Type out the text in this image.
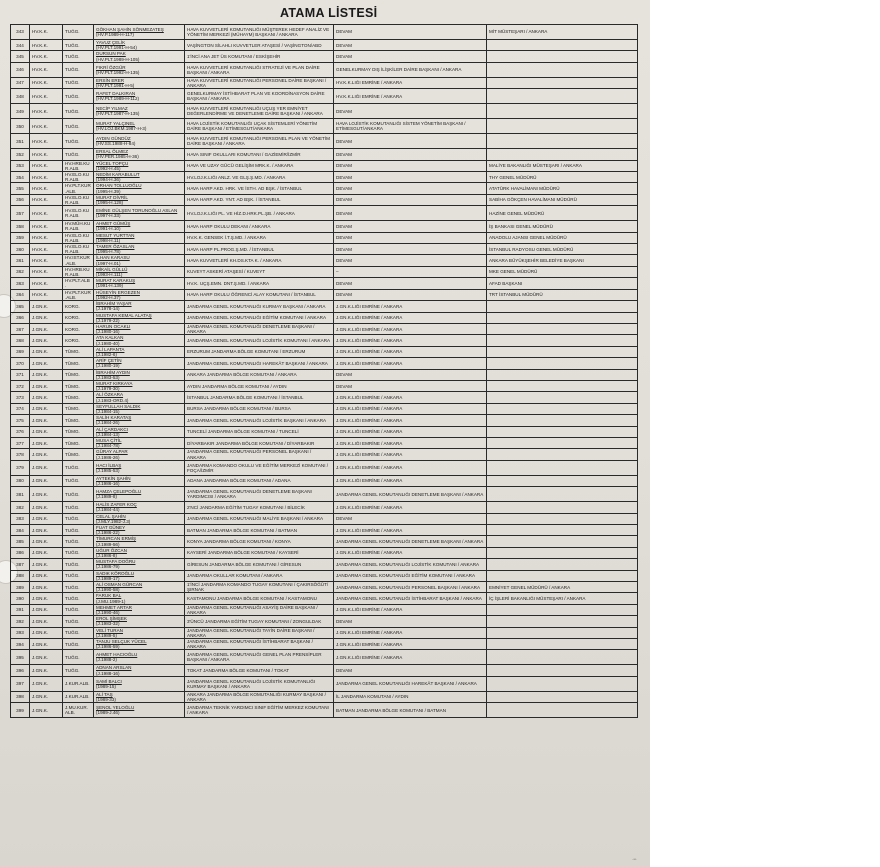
ATAMA LİSTESİ
343	HV.K.K.	TUĞG.	GÖKHAN ŞAHİN SÖNMEZATEŞ
(HV.P.1989-H-117)	HAVA KUVVETLERİ KOMUTANLIĞI MÜŞTEREK HEDEF ANALİZ VE YÖNETİM MERKEZİ (MÜHAYM) BAŞKANI / ANKARA	DEVAM	MİT MÜSTEŞARI / ANKARA
344	HV.K.K.	TUĞG.	YAVUZ ÇELİK
(HV.PLT.1991-H-54)	VAŞİNGTON SİLAHLI KUVVETLER ATAŞESİ / VAŞİNGTON/ABD	DEVAM	
345	HV.K.K.	TUĞG.	DURSUN PAK
(HV.PLT.1989-H-105)	1'İNCİ ANA JET ÜS KOMUTANI / ESKİŞEHİR	DEVAM	
346	HV.K.K.	TUĞG.	FIKRİ ÖZGÜR
(HV.PLT.1992-H-135)	HAVA KUVVETLERİ KOMUTANLIĞI STRATEJİ VE PLAN DAİRE BAŞKANI / ANKARA	GENELKURMAY DIŞ İLİŞKİLER DAİRE BAŞKANI / ANKARA	
347	HV.K.K.	TUĞG.	ERSİN ERER
(HV.PLT.1991-H-5)	HAVA KUVVETLERİ KOMUTANLIĞI PERSONEL DAİRE BAŞKANI / ANKARA	HV.K.K.LIĞI EMRİNE / ANKARA	
348	HV.K.K.	TUĞG.	RAFET DALKIRAN
(HV.PLT.1989-H-112)	GENELKURMAY İSTİHBARAT PLAN VE KOORDİNASYON DAİRE BAŞKANI / ANKARA	HV.K.K.LIĞI EMRİNE / ANKARA	
349	HV.K.K.	TUĞG.	NECİP YILMAZ
(HV.PLT.1987-H-135)	HAVA KUVVETLERİ KOMUTANLIĞI UÇUŞ YER EMNİYET DEĞERLENDİRME VE DENETLEME DAİRE BAŞKANI / ANKARA	DEVAM	
350	HV.K.K.	TUĞG.	MURAT YALÇINEL
(HV.LOJ.BKM.1987-H-3)	HAVA LOJİSTİK KOMUTANLIĞI UÇAK SİSTEMLERİ YÖNETİM DAİRE BAŞKANI / ETİMESGUT/ANKARA	HAVA LOJİSTİK KOMUTANLIĞI SİSTEM YÖNETİM BAŞKANI / ETİMESGUT/ANKARA	
351	HV.K.K.	TUĞG.	AYDIN GÜNDÜZ
(HV.SS.1988-H-84)	HAVA KUVVETLERİ KOMUTANLIĞI PERSONEL PLAN VE YÖNETİM DAİRE BAŞKANI / ANKARA	DEVAM	
352	HV.K.K.	TUĞG.	ERSAL ÖLMEZ
(HV.PER.1985-H-36)	HAVA SINIF OKULLARI KOMUTANI / GAZİEMİR/İZMİR	DEVAM	
353	HV.K.K.	HV.HRB.KUR.ALB.	YÜCEL TOPÇU
(1992-H.45)	HAVA VE UZAY GÜCÜ GELİŞİM MRK.K. / ANKARA	DEVAM	MALİYE BAKANLIĞI MÜSTEŞARI / ANKARA
354	HV.K.K.	HV.ELO.KUR.ALB.	NEDİM KARABULUT
(1994-H.36)	HV.LOJ.K.LIĞI ANLZ. VE GLŞ.Ş.MD. / ANKARA	DEVAM	THY GENEL MÜDÜRÜ
355	HV.K.K.	HV.PLT.KUR.ALB.	ORHAN TOLLUOĞLU
(1995-H.39)	HAVA HARP AKD. HRK. VE İSTH. AD BŞK. / İSTANBUL	DEVAM	ATATÜRK HAVALİMANI MÜDÜRÜ
356	HV.K.K.	HV.ELO.KUR.ALB.	MURAT DİVRİL
(1995-H.128)	HAVA HARP AKD. YNT. AD BŞK. / İSTANBUL	DEVAM	SABİHA GÖKÇEN HAVALİMANI MÜDÜRÜ
357	HV.K.K.	HV.ELO.KUR.ALB.	EMİNE GÜLŞEN TORUNOĞLU ASLAN
(1997-H.33)	HV.LOJ.K.LIĞI PL. VE HİZ.D.HRK.PL.ŞB. / ANKARA	DEVAM	HAZİNE GENEL MÜDÜRÜ
358	HV.K.K.	HV.MÜH.KUR.ALB.	AHMET GÜMÜŞ
(1991-H.10)	HAVA HARP OKULU DEKANI / ANKARA	DEVAM	İŞ BANKASI GENEL MÜDÜRÜ
359	HV.K.K.	HV.ELO.KUR.ALB.	MESUT YURTTAN
(1998-H.11)	HV.K.K. GENSEK İ.T.Ş.MD. / ANKARA	DEVAM	ANADOLU AJANSI GENEL MÜDÜRÜ
360	HV.K.K.	HV.ELO.KUR.ALB.	TAMER ÖZASLAN
(1995-H.78)	HAVA HARP PL.PROG.Ş.MD. / İSTANBUL	DEVAM	İSTANBUL RADYOSU GENEL MÜDÜRÜ
361	HV.K.K.	HV.IST.KUR.ALB.	İLHAN KARASU
(1997-H.01)	HAVA KUVVETLERİ KH.DS.KTA K. / ANKARA	DEVAM	ANKARA BÜYÜKŞEHİR BELEDİYE BAŞKANI
362	HV.K.K.	HV.HRB.KUR.ALB.	MİKAİL GÜLLÜ
(1993-H.111)	KUVEYT ASKERİ ATAŞESİ / KUVEYT	–	MKE GENEL MÜDÜRÜ
363	HV.K.K.	HV.PLT.ALB.	MURAT KARAKUŞ
(1991-H.139)	HV.K. UÇŞ.EMN. DNT.Ş.MD. / ANKARA	DEVAM	AFAD BAŞKANI
364	HV.K.K.	HV.PLT.KUR.ALB.	HÜSEYİN ERGEZEN
(1992-H.37)	HAVA HARP OKULU ÖĞRENCİ ALAY KOMUTANI / İSTANBUL	DEVAM	TRT İSTANBUL MÜDÜRÜ
365	J.GN.K.	KORG.	İBRAHİM YAŞAR
(J.1978-14)	JANDARMA GENEL KOMUTANLIĞI KURMAY BAŞKANI / ANKARA	J.GN.K.LIĞI EMRİNE / ANKARA	
366	J.GN.K.	KORG.	MUSTAFA KEMAL ALATAŞ
(J.1979-22)	JANDARMA GENEL KOMUTANLIĞI EĞİTİM KOMUTANI / ANKARA	J.GN.K.LIĞI EMRİNE / ANKARA	
367	J.GN.K.	KORG.	HARUN OCAKLI
(J.1980-16)	JANDARMA GENEL KOMUTANLIĞI DENETLEME BAŞKANI / ANKARA	J.GN.K.LIĞI EMRİNE / ANKARA	
368	J.GN.K.	KORG.	ATA KALKAN
(J.1980-40)	JANDARMA GENEL KOMUTANLIĞI LOJİSTİK KOMUTANI / ANKARA	J.GN.K.LIĞI EMRİNE / ANKARA	
369	J.GN.K.	TÜMG.	ALİ LAPANTA
(J.1982-6)	ERZURUM JANDARMA BÖLGE KOMUTANI / ERZURUM	J.GN.K.LIĞI EMRİNE / ANKARA	
370	J.GN.K.	TÜMG.	ARİF ÇETİN
(J.1980-19)	JANDARMA GENEL KOMUTANLIĞI HAREKÂT BAŞKANI / ANKARA	J.GN.K.LIĞI EMRİNE / ANKARA	
371	J.GN.K.	TÜMG.	İBRAHİM AYDIN
(J.1983-53)	ANKARA JANDARMA BÖLGE KOMUTANI / ANKARA	DEVAM	
372	J.GN.K.	TÜMG.	MURAT KIRKAYA
(J.1979-30)	AYDIN JANDARMA BÖLGE KOMUTANI / AYDIN	DEVAM	
373	J.GN.K.	TÜMG.	ALİ ÖZKARA
(J.1983-ORD.4)	İSTANBUL JANDARMA BÖLGE KOMUTANI / İSTANBUL	J.GN.K.LIĞI EMRİNE / ANKARA	
374	J.GN.K.	TÜMG.	SEYFULLAH SALDIK
(J.1984-15)	BURSA JANDARMA BÖLGE KOMUTANI / BURSA	J.GN.K.LIĞI EMRİNE / ANKARA	
375	J.GN.K.	TÜMG.	SALİH KARATAŞ
(J.1984-26)	JANDARMA GENEL KOMUTANLIĞI LOJİSTİK BAŞKANI / ANKARA	J.GN.K.LIĞI EMRİNE / ANKARA	
376	J.GN.K.	TÜMG.	ALİ ÇARDAKCI
(J.1984-13)	TUNCELİ JANDARMA BÖLGE KOMUTANI / TUNCELİ	J.GN.K.LIĞI EMRİNE / ANKARA	
377	J.GN.K.	TÜMG.	MUSA ÇİTİL
(J.1984-78)	DİYARBAKIR JANDARMA BÖLGE KOMUTANI / DİYARBAKIR	J.GN.K.LIĞI EMRİNE / ANKARA	
378	J.GN.K.	TÜMG.	GÜRAY ALPAR
(J.1986-26)	JANDARMA GENEL KOMUTANLIĞI PERSONEL BAŞKANI / ANKARA	J.GN.K.LIĞI EMRİNE / ANKARA	
379	J.GN.K.	TUĞG.	HACI İLBAŞ
(J.1985-53)	JANDARMA KOMANDO OKULU VE EĞİTİM MERKEZİ KOMUTANI / FOÇA/İZMİR	J.GN.K.LIĞI EMRİNE / ANKARA	
380	J.GN.K.	TUĞG.	AYTEKİN ŞAHİN
(J.1986-16)	ADANA JANDARMA BÖLGE KOMUTANI / ADANA	J.GN.K.LIĞI EMRİNE / ANKARA	
381	J.GN.K.	TUĞG.	HAMZA ÇELEPOĞLU
(J.1989-8)	JANDARMA GENEL KOMUTANLIĞI DENETLEME BAŞKANI YARDIMCISI / ANKARA	JANDARMA GENEL KOMUTANLIĞI DENETLEME BAŞKANI / ANKARA	
382	J.GN.K.	TUĞG.	HALİS ZAFER KOÇ
(J.1984-44)	2'NCİ JANDARMA EĞİTİM TUGAY KOMUTANI / BİLECİK	J.GN.K.LIĞI EMRİNE / ANKARA	
383	J.GN.K.	TUĞG.	CELAL ŞAHİN
(J.MLY.1982-J.3)	JANDARMA GENEL KOMUTANLIĞI MALİYE BAŞKANI / ANKARA	DEVAM	
384	J.GN.K.	TUĞG.	FUAT GÜNEY
(J.1986-22)	BATMAN JANDARMA BÖLGE KOMUTANI / BATMAN	J.GN.K.LIĞI EMRİNE / ANKARA	
385	J.GN.K.	TUĞG.	TİMURCAN ERMİŞ
(J.1989-56)	KONYA JANDARMA BÖLGE KOMUTANI / KONYA	JANDARMA GENEL KOMUTANLIĞI DENETLEME BAŞKANI / ANKARA	
386	J.GN.K.	TUĞG.	UĞUR ÖZCAN
(J.1986-8)	KAYSERİ JANDARMA BÖLGE KOMUTANI / KAYSERİ	J.GN.K.LIĞI EMRİNE / ANKARA	
387	J.GN.K.	TUĞG.	MUSTAFA DOĞRU
(J.1986-79)	GİRESUN JANDARMA BÖLGE KOMUTANI / GİRESUN	JANDARMA GENEL KOMUTANLIĞI LOJİSTİK KOMUTANI / ANKARA	
388	J.GN.K.	TUĞG.	SADIK KÖROĞLU
(J.1989-17)	JANDARMA OKULLAR KOMUTANI / ANKARA	JANDARMA GENEL KOMUTANLIĞI EĞİTİM KOMUTANI / ANKARA	
389	J.GN.K.	TUĞG.	ALİ OSMAN GÜRCAN
(J.1990-58)	1'İNCİ JANDARMA KOMANDO TUGAY KOMUTANI / ÇAKIRSÖĞÜT/ŞIRNAK	JANDARMA GENEL KOMUTANLIĞI PERSONEL BAŞKANI / ANKARA	EMNİYET GENEL MÜDÜRÜ / ANKARA
390	J.GN.K.	TUĞG.	FARUK BAL
(J.MU.1989-1)	KASTAMONU JANDARMA BÖLGE KOMUTANI / KASTAMONU	JANDARMA GENEL KOMUTANLIĞI İSTİHBARAT BAŞKANI / ANKARA	İÇ İŞLERİ BAKANLIĞI MÜSTEŞARI / ANKARA
391	J.GN.K.	TUĞG.	MEHMET ARTAR
(J.1990-46)	JANDARMA GENEL KOMUTANLIĞI ASAYİŞ DAİRE BAŞKANI / ANKARA	J.GN.K.LIĞI EMRİNE / ANKARA	
392	J.GN.K.	TUĞG.	EROL ŞİMŞEK
(J.1983-32)	3'ÜNCÜ JANDARMA EĞİTİM TUGAY KOMUTANI / ZONGULDAK	DEVAM	
393	J.GN.K.	TUĞG.	VELİ TURAN
(J.1989-5)	JANDARMA GENEL KOMUTANLIĞI TAYİN DAİRE BAŞKANI / ANKARA	J.GN.K.LIĞI EMRİNE / ANKARA	
394	J.GN.K.	TUĞG.	TANJU SELÇUK YÜCEL
(J.1986-59)	JANDARMA GENEL KOMUTANLIĞI İSTİHBARAT BAŞKANI / ANKARA	J.GN.K.LIĞI EMRİNE / ANKARA	
395	J.GN.K.	TUĞG.	AHMET HACIOĞLU
(J.1988-2)	JANDARMA GENEL KOMUTANLIĞI GENEL PLAN PRENSİPLER BAŞKANI / ANKARA	J.GN.K.LIĞI EMRİNE / ANKARA	
396	J.GN.K.	TUĞG.	ADNAN ARSLAN
(J.1988-16)	TOKAT JANDARMA BÖLGE KOMUTANI / TOKAT	DEVAM	
397	J.GN.K.	J.KUR.ALB.	SAMİ BALCI
(1989-15)	JANDARMA GENEL KOMUTANLIĞI LOJİSTİK KOMUTANLIĞI KURMAY BAŞKANI / ANKARA	JANDARMA GENEL KOMUTANLIĞI HAREKÂT BAŞKANI / ANKARA	
398	J.GN.K.	J.KUR.ALB.	ALİ TAŞ
(1989-33)	ANKARA JANDARMA BÖLGE KOMUTANLIĞI KURMAY BAŞKANI / ANKARA	İL JANDARMA KOMUTANI / AYDIN	
399	J.GN.K.	J.MU.KUR.ALB.	ŞENOL YELOĞLU
(1989-J.46)	JANDARMA TEKNİK YARDIMCI SINIF EĞİTİM MERKEZ KOMUTANI / ANKARA	BATMAN JANDARMA BÖLGE KOMUTANI / BATMAN	
·ᵃⁿ
